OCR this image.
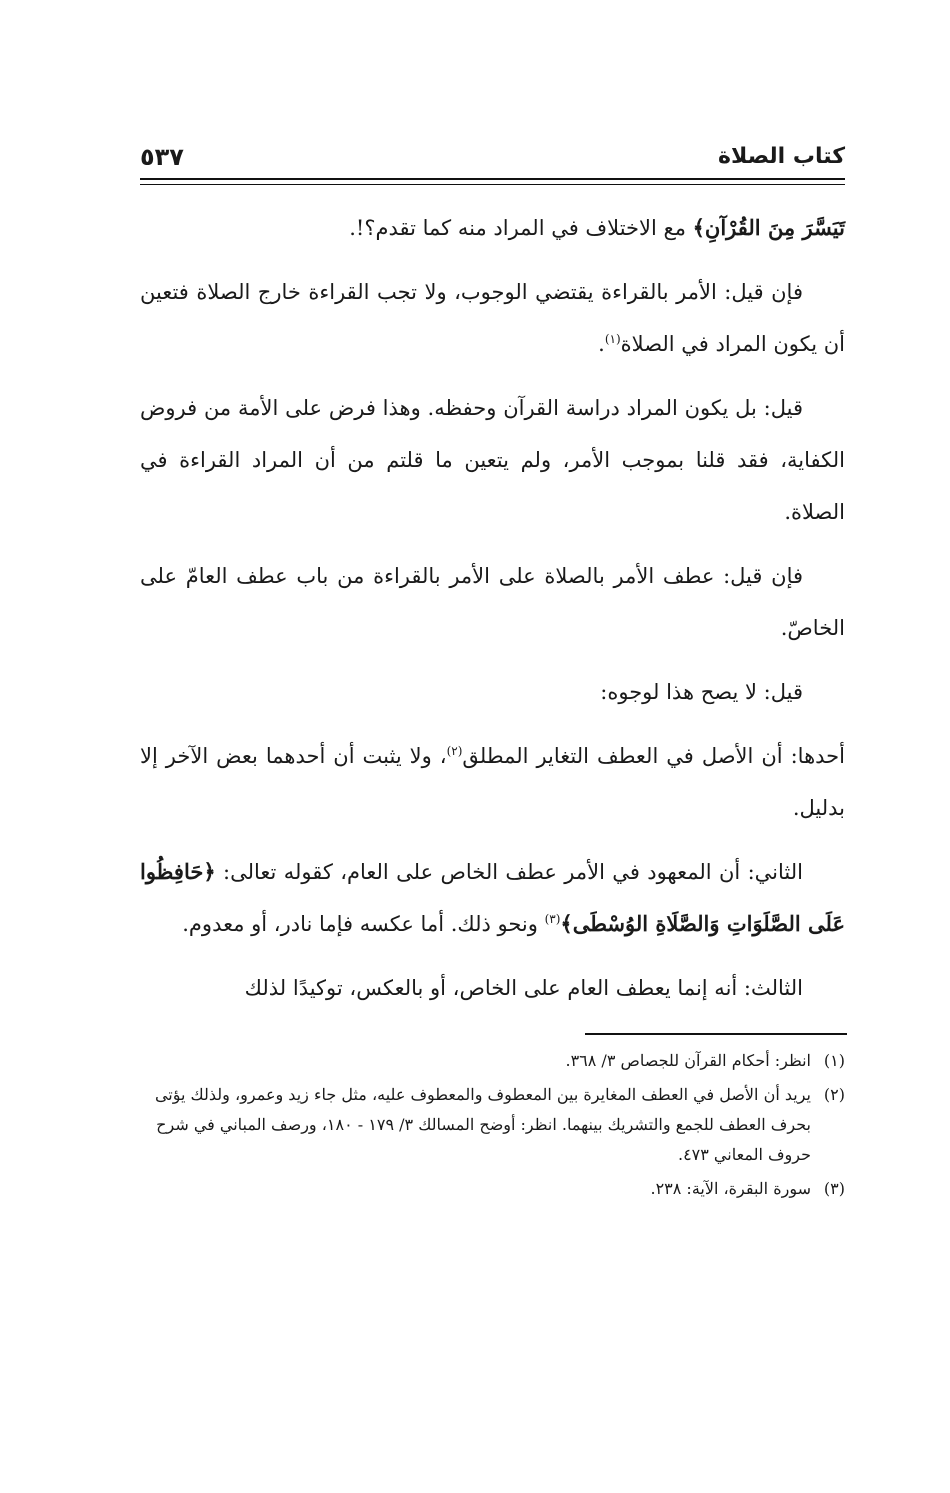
كتاب الصلاة
٥٣٧

تَيَسَّرَ مِنَ القُرْآنِ﴾ مع الاختلاف في المراد منه كما تقدم؟!.

فإن قيل: الأمر بالقراءة يقتضي الوجوب، ولا تجب القراءة خارج الصلاة فتعين أن يكون المراد في الصلاة$^{(١)}$.

قيل: بل يكون المراد دراسة القرآن وحفظه. وهذا فرض على الأمة من فروض الكفاية، فقد قلنا بموجب الأمر، ولم يتعين ما قلتم من أن المراد القراءة في الصلاة.

فإن قيل: عطف الأمر بالصلاة على الأمر بالقراءة من باب عطف العامّ على الخاصّ.

قيل: لا يصح هذا لوجوه:

أحدها: أن الأصل في العطف التغاير المطلق$^{(٢)}$، ولا يثبت أن أحدهما بعض الآخر إلا بدليل.

الثاني: أن المعهود في الأمر عطف الخاص على العام، كقوله تعالى: ﴿حَافِظُوا عَلَى الصَّلَوَاتِ وَالصَّلَاةِ الوُسْطَى﴾$^{(٣)}$ ونحو ذلك. أما عكسه فإما نادر، أو معدوم.

الثالث: أنه إنما يعطف العام على الخاص، أو بالعكس، توكيدًا لذلك

(١)
انظر: أحكام القرآن للجصاص ٣/ ٣٦٨.
(٢)
يريد أن الأصل في العطف المغايرة بين المعطوف والمعطوف عليه، مثل جاء زيد وعمرو، ولذلك يؤتى بحرف العطف للجمع والتشريك بينهما. انظر: أوضح المسالك ٣/ ١٧٩ - ١٨٠، ورصف المباني في شرح حروف المعاني ٤٧٣.
(٣)
سورة البقرة، الآية: ٢٣٨.
